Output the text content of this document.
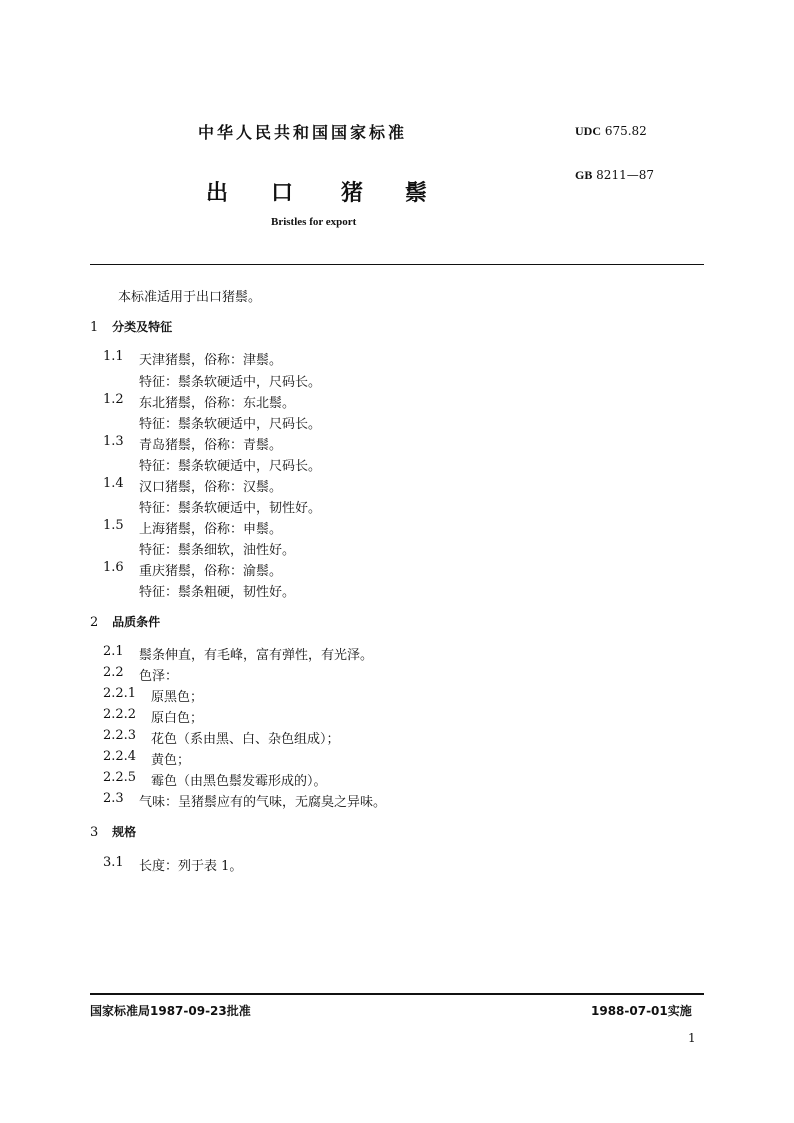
中华人民共和国国家标准	UDC 675.82
GB 8211—87
出 口 猪 鬃
Bristles for export
本标准适用于出口猪鬃。
1 分类及特征
1.1 天津猪鬃，俗称：津鬃。
特征：鬃条软硬适中，尺码长。
1.2 东北猪鬃，俗称：东北鬃。
特征：鬃条软硬适中，尺码长。
1.3 青岛猪鬃，俗称：青鬃。
特征：鬃条软硬适中，尺码长。
1.4 汉口猪鬃，俗称：汉鬃。
特征：鬃条软硬适中，韧性好。
1.5 上海猪鬃，俗称：申鬃。
特征：鬃条细软，油性好。
1.6 重庆猪鬃，俗称：渝鬃。
特征：鬃条粗硬，韧性好。
2 品质条件
2.1 鬃条伸直，有毛峰，富有弹性，有光泽。
2.2 色泽：
2.2.1 原黑色；
2.2.2 原白色；
2.2.3 花色（系由黑、白、杂色组成）；
2.2.4 黄色；
2.2.5 霉色（由黑色鬃发霉形成的）。
2.3 气味：呈猪鬃应有的气味，无腐臭之异味。
3 规格
3.1 长度：列于表 1。
国家标准局1987-09-23批准	1988-07-01实施
1
